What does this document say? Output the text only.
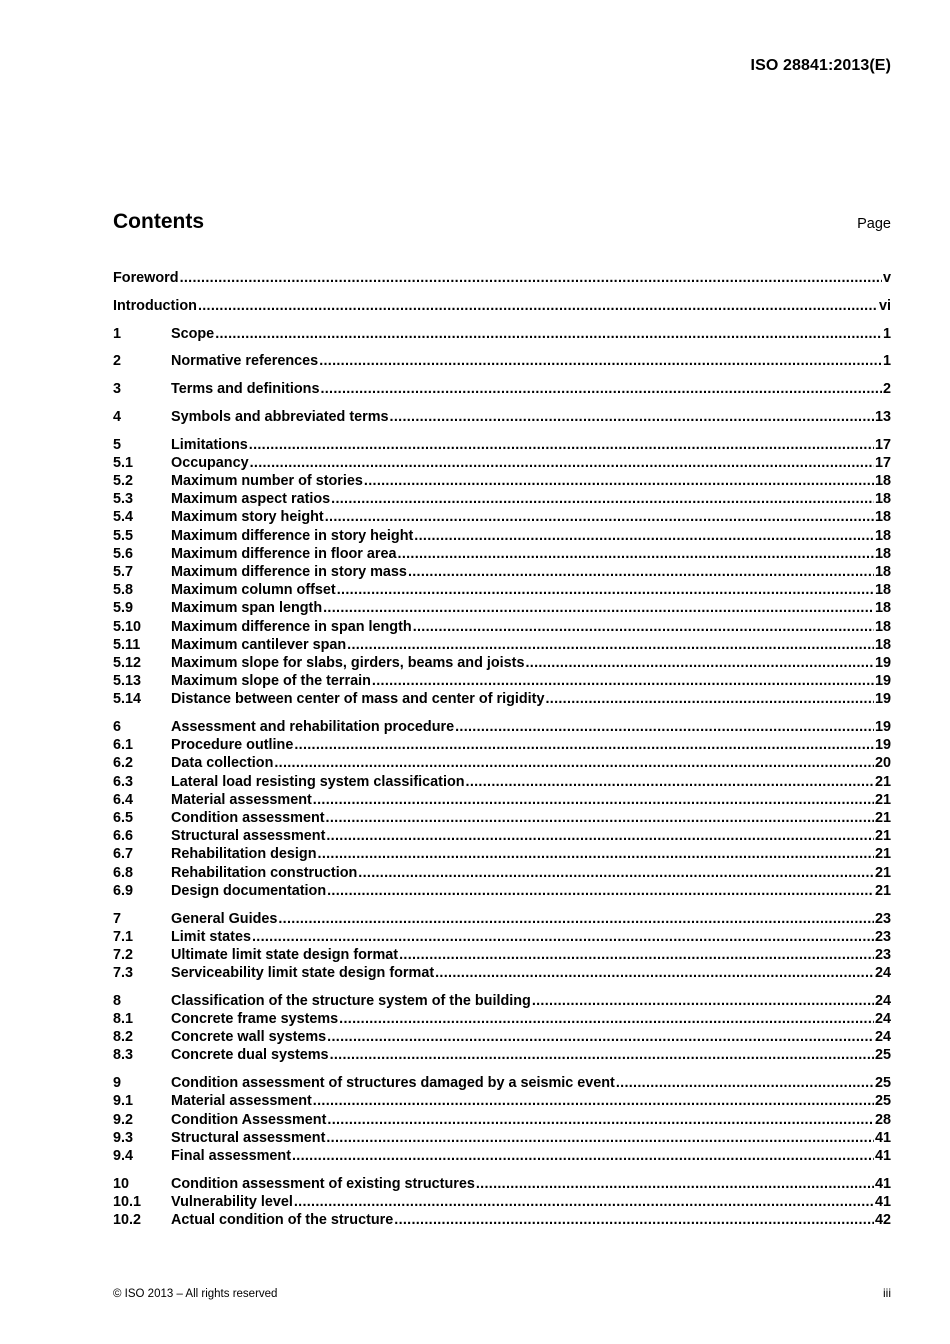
ISO 28841:2013(E)
Contents	Page
Foreword .....	v
Introduction .....	vi
1	Scope .....	1
2	Normative references .....	1
3	Terms and definitions .....	2
4	Symbols and abbreviated terms .....	13
5	Limitations .....	17
5.1	Occupancy .....	17
5.2	Maximum number of stories .....	18
5.3	Maximum aspect ratios .....	18
5.4	Maximum story height .....	18
5.5	Maximum difference in story height .....	18
5.6	Maximum difference in floor area .....	18
5.7	Maximum difference in story mass .....	18
5.8	Maximum column offset .....	18
5.9	Maximum span length .....	18
5.10	Maximum difference in span length .....	18
5.11	Maximum cantilever span .....	18
5.12	Maximum slope for slabs, girders, beams and joists .....	19
5.13	Maximum slope of the terrain .....	19
5.14	Distance between center of mass and center of rigidity .....	19
6	Assessment and rehabilitation procedure .....	19
6.1	Procedure outline .....	19
6.2	Data collection .....	20
6.3	Lateral load resisting system classification .....	21
6.4	Material assessment .....	21
6.5	Condition assessment .....	21
6.6	Structural assessment .....	21
6.7	Rehabilitation design .....	21
6.8	Rehabilitation construction .....	21
6.9	Design documentation .....	21
7	General Guides .....	23
7.1	Limit states .....	23
7.2	Ultimate limit state design format .....	23
7.3	Serviceability limit state design format .....	24
8	Classification of the structure system of the building .....	24
8.1	Concrete frame systems .....	24
8.2	Concrete wall systems .....	24
8.3	Concrete dual systems .....	25
9	Condition assessment of structures damaged by a seismic event .....	25
9.1	Material assessment .....	25
9.2	Condition Assessment .....	28
9.3	Structural assessment .....	41
9.4	Final assessment .....	41
10	Condition assessment of existing structures .....	41
10.1	Vulnerability level .....	41
10.2	Actual condition of the structure .....	42
© ISO 2013 – All rights reserved	iii
